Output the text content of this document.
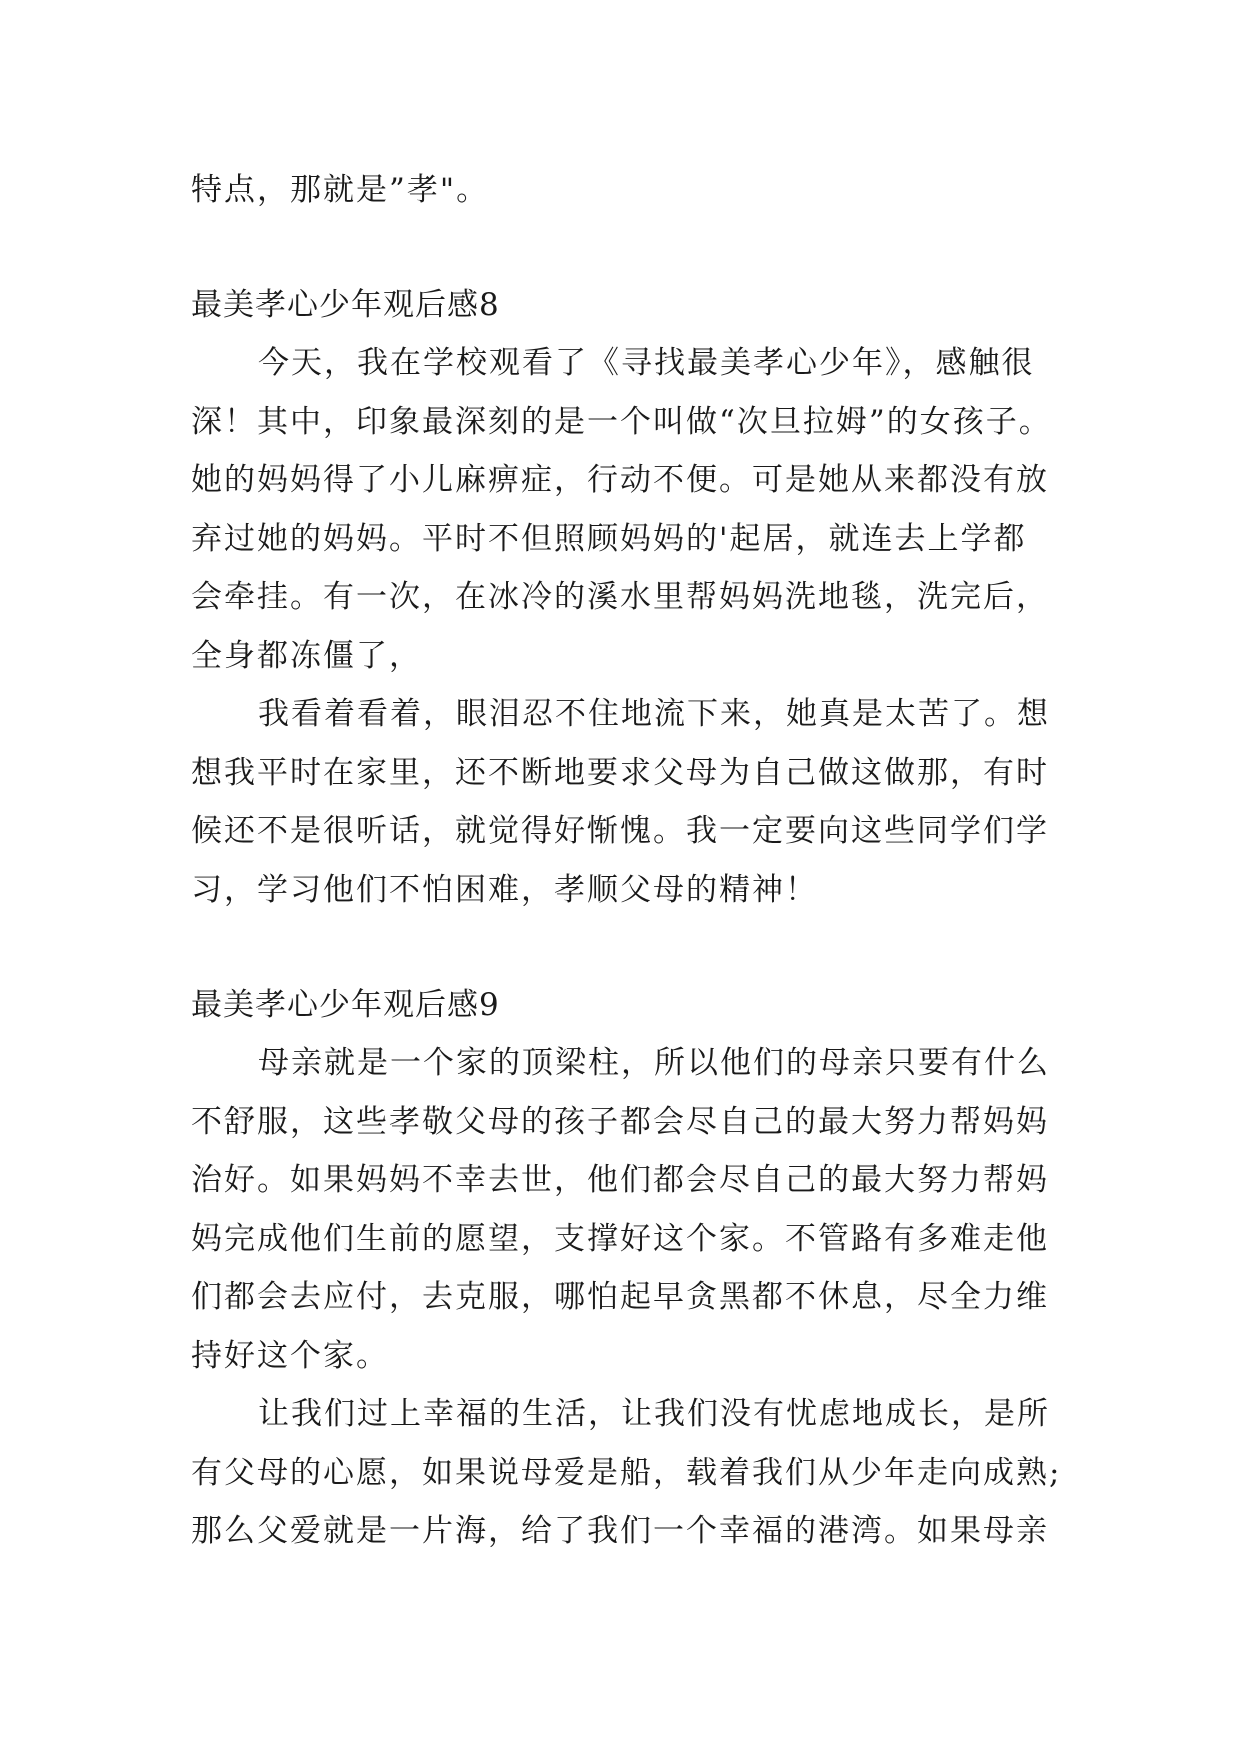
特点，那就是”孝"。
最美孝心少年观后感8
今天，我在学校观看了《寻找最美孝心少年》，感触很
深！其中，印象最深刻的是一个叫做“次旦拉姆”的女孩子。
她的妈妈得了小儿麻痹症，行动不便。可是她从来都没有放
弃过她的妈妈。平时不但照顾妈妈的'起居，就连去上学都
会牵挂。有一次，在冰冷的溪水里帮妈妈洗地毯，洗完后，
全身都冻僵了，
我看着看着，眼泪忍不住地流下来，她真是太苦了。想
想我平时在家里，还不断地要求父母为自己做这做那，有时
候还不是很听话，就觉得好惭愧。我一定要向这些同学们学
习，学习他们不怕困难，孝顺父母的精神！
最美孝心少年观后感9
母亲就是一个家的顶梁柱，所以他们的母亲只要有什么
不舒服，这些孝敬父母的孩子都会尽自己的最大努力帮妈妈
治好。如果妈妈不幸去世，他们都会尽自己的最大努力帮妈
妈完成他们生前的愿望，支撑好这个家。不管路有多难走他
们都会去应付，去克服，哪怕起早贪黑都不休息，尽全力维
持好这个家。
让我们过上幸福的生活，让我们没有忧虑地成长，是所
有父母的心愿，如果说母爱是船，载着我们从少年走向成熟;
那么父爱就是一片海，给了我们一个幸福的港湾。如果母亲
